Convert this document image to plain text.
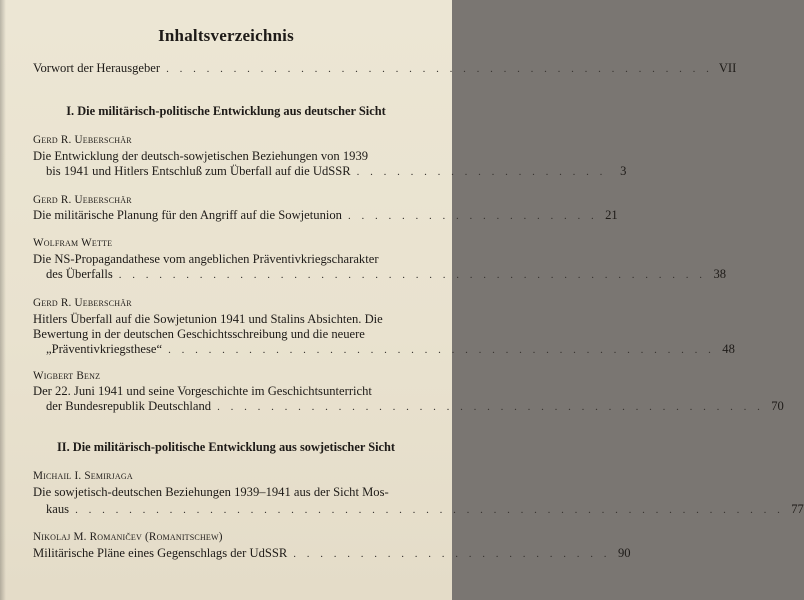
Inhaltsverzeichnis
Vorwort der Herausgeber . . . . . . . . . . . . . . . . . . . . . . . . . . . . . . . . . . . . . . . . . VII
I. Die militärisch-politische Entwicklung aus deutscher Sicht
Gerd R. Ueberschär
Die Entwicklung der deutsch-sowjetischen Beziehungen von 1939
bis 1941 und Hitlers Entschluß zum Überfall auf die UdSSR . . . . . . . . . . . . . . . . . . .	3
Gerd R. Ueberschär
Die militärische Planung für den Angriff auf die Sowjetunion . . . . . . . . . . . . . . . . . . . 21
Wolfram Wette
Die NS-Propagandathese vom angeblichen Präventivkriegscharakter
des Überfalls . . . . . . . . . . . . . . . . . . . . . . . . . . . . . . . . . . . . . . . . . . . . 38
Gerd R. Ueberschär
Hitlers Überfall auf die Sowjetunion 1941 und Stalins Absichten. Die
Bewertung in der deutschen Geschichtsschreibung und die neuere
„Präventivkriegsthese“ . . . . . . . . . . . . . . . . . . . . . . . . . . . . . . . . . . . . . . . . . 48
Wigbert Benz
Der 22. Juni 1941 und seine Vorgeschichte im Geschichtsunterricht
der Bundesrepublik Deutschland . . . . . . . . . . . . . . . . . . . . . . . . . . . . . . . . . . . . . . . . . 70
II. Die militärisch-politische Entwicklung aus sowjetischer Sicht
Michail I. Semirjaga
Die sowjetisch-deutschen Beziehungen 1939–1941 aus der Sicht Mos-
kaus . . . . . . . . . . . . . . . . . . . . . . . . . . . . . . . . . . . . . . . . . . . . . . . . . . . . . 77
Nikolaj M. Romaničev (Romanitschew)
Militärische Pläne eines Gegenschlags der UdSSR . . . . . . . . . . . . . . . . . . . . . . . . 90
